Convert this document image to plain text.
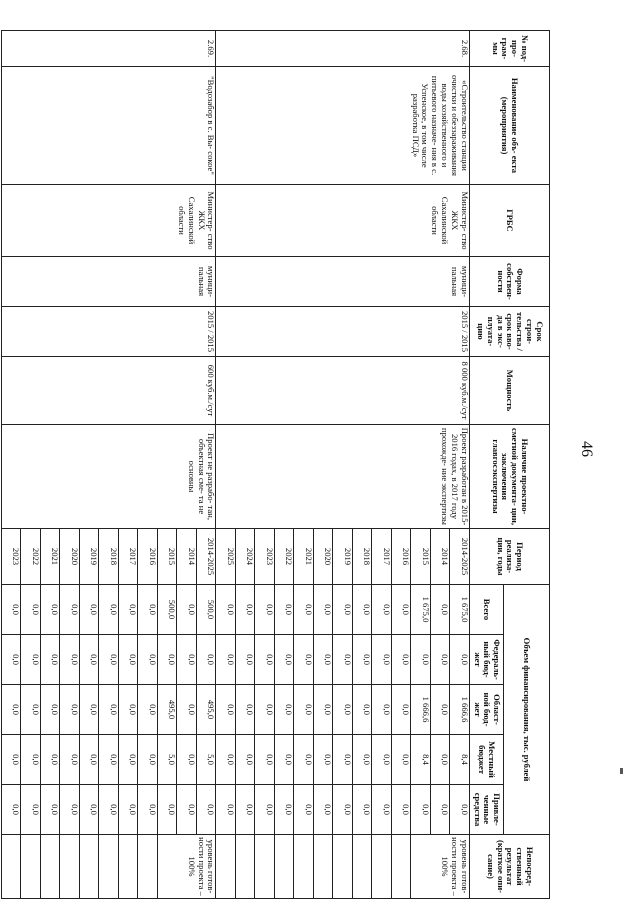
46
№ под- про- грам- мы	Наименование объ- екта (мероприятия)	ГРБС	Форма собствен- ности	Срок строи- тельства / срок вво- да в экс- плуата- цию	Мощность	Наличие проектно- сметной документа- ции, заключения главгосэкспертизы	Период реализа- ции, годы	Объем финансирования, тыс. рублей					Непосред- ственный результат (краткое опи- сание)
								Всего	Федераль- ный бюд- жет	Област- ной бюд- жет	Местный бюджет	Привле- ченные средства	
2.68.	«Строительство станции очистки и обеззараживания воды хозяйственного и питьевого назначе- ния в с. Успенское, в том числе разработка ПСД»	Министер- ство ЖКХ Сахалинской области	муници- пальная	2015 / 2015	8 000 куб.м./сут	Проект разработан в 2015-2016 годах, в 2017 году прохожде- ние экспертизы	2014-2025	1 675,0	0,0	1 666,6	8,4	0,0	уровень готов- ности проекта – 100%
							2014	0,0	0,0	0,0	0,0	0,0	
							2015	1 675,0	0,0	1 666,6	8,4	0,0	
							2016	0,0	0,0	0,0	0,0	0,0	
							2017	0,0	0,0	0,0	0,0	0,0	
							2018	0,0	0,0	0,0	0,0	0,0	
							2019	0,0	0,0	0,0	0,0	0,0	
							2020	0,0	0,0	0,0	0,0	0,0	
							2021	0,0	0,0	0,0	0,0	0,0	
							2022	0,0	0,0	0,0	0,0	0,0	
							2023	0,0	0,0	0,0	0,0	0,0	
							2024	0,0	0,0	0,0	0,0	0,0	
							2025	0,0	0,0	0,0	0,0	0,0	
2.69.	"Водозабор в с. Вы- сокое"	Министер- ство ЖКХ Сахалинской области	муници- пальная	2015 / 2015	600 куб.м./сут	Проект не разрабо- тан, объектная сме- та не основны	2014-2025	500,0	0,0	495,0	5,0	0,0	уровень готов- ности проекта – 100%
							2014	0,0	0,0	0,0	0,0	0,0	
							2015	500,0	0,0	495,0	5,0	0,0	
							2016	0,0	0,0	0,0	0,0	0,0	
							2017	0,0	0,0	0,0	0,0	0,0	
							2018	0,0	0,0	0,0	0,0	0,0	
							2019	0,0	0,0	0,0	0,0	0,0	
							2020	0,0	0,0	0,0	0,0	0,0	
							2021	0,0	0,0	0,0	0,0	0,0	
							2022	0,0	0,0	0,0	0,0	0,0	
							2023	0,0	0,0	0,0	0,0	0,0	
